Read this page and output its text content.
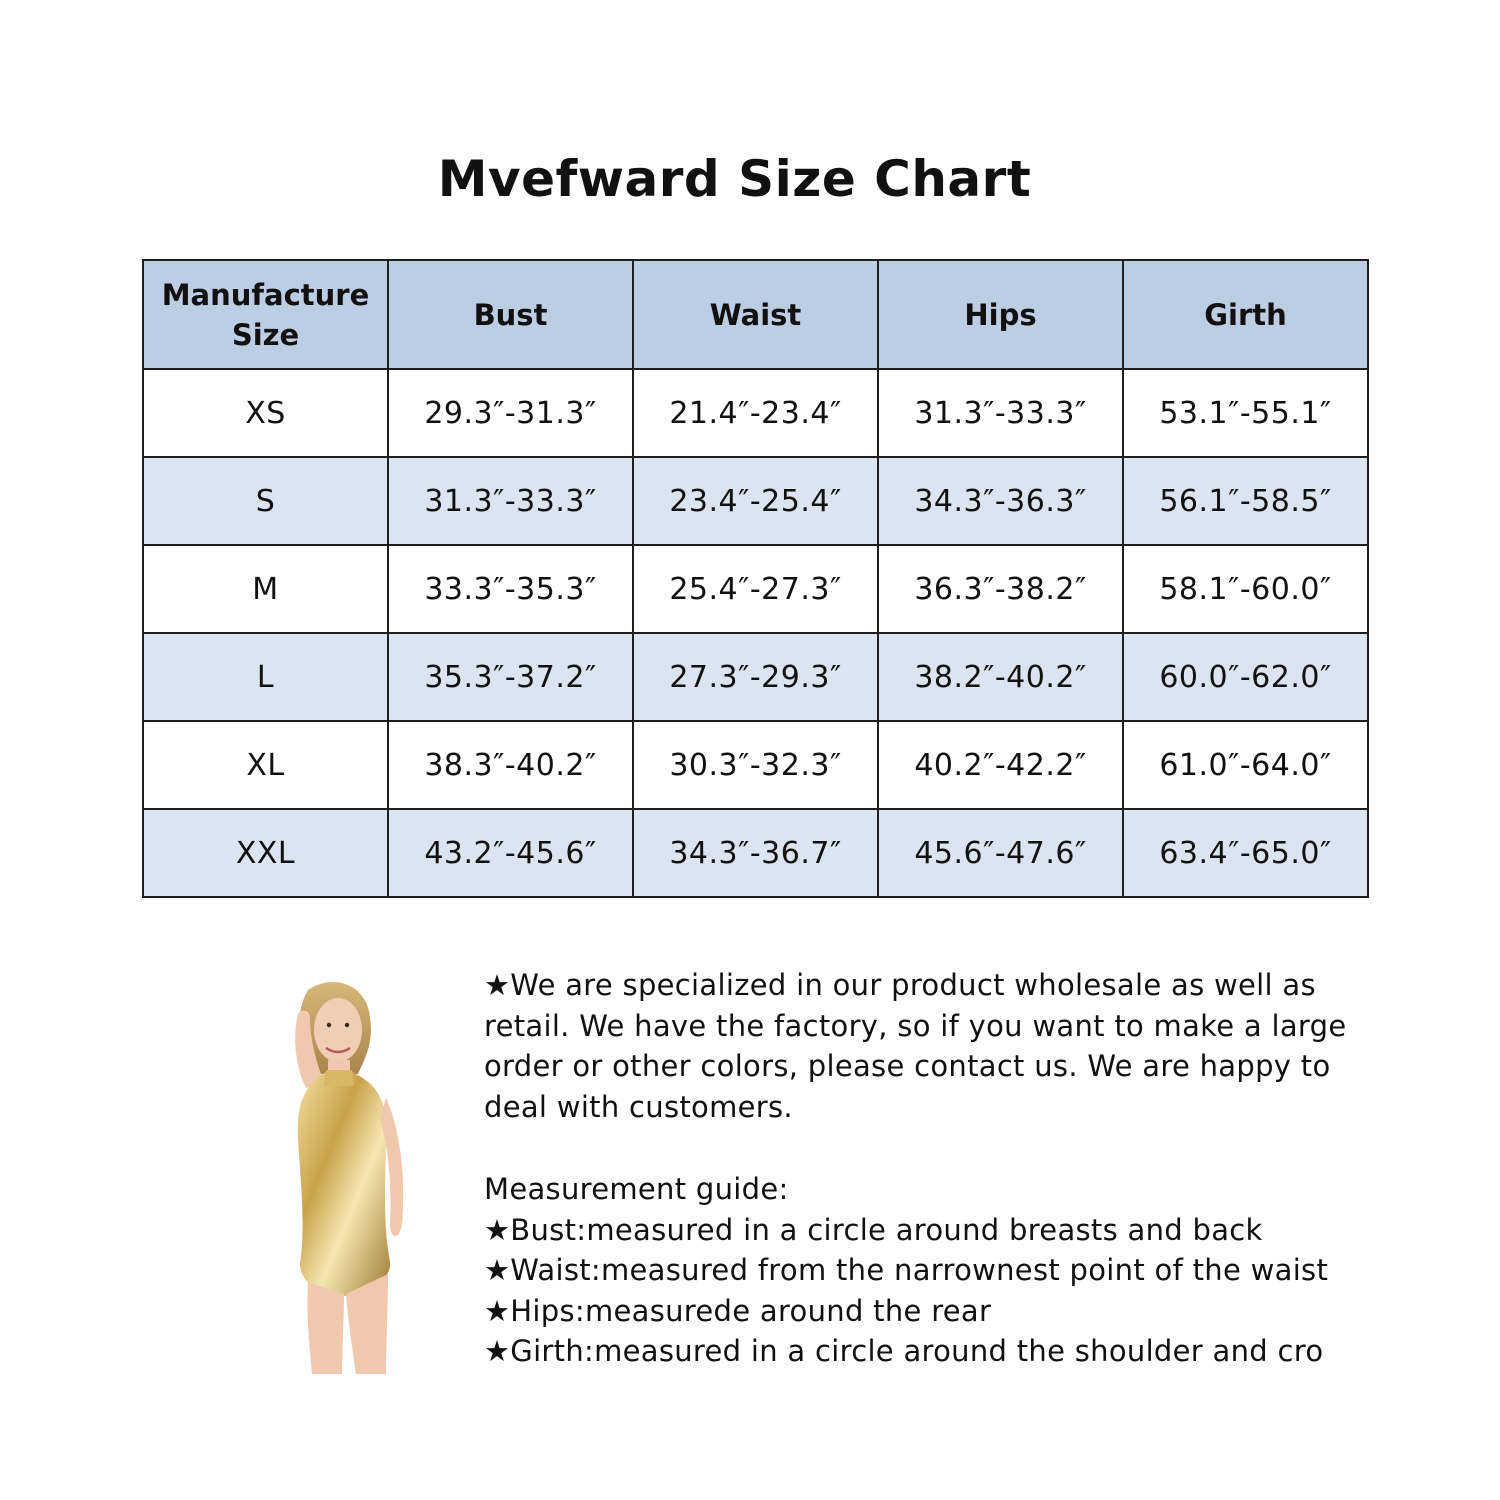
Mvefward Size Chart
Manufacture
Size	Bust	Waist	Hips	Girth
XS	29.3″-31.3″	21.4″-23.4″	31.3″-33.3″	53.1″-55.1″
S	31.3″-33.3″	23.4″-25.4″	34.3″-36.3″	56.1″-58.5″
M	33.3″-35.3″	25.4″-27.3″	36.3″-38.2″	58.1″-60.0″
L	35.3″-37.2″	27.3″-29.3″	38.2″-40.2″	60.0″-62.0″
XL	38.3″-40.2″	30.3″-32.3″	40.2″-42.2″	61.0″-64.0″
XXL	43.2″-45.6″	34.3″-36.7″	45.6″-47.6″	63.4″-65.0″

★We are specialized in our product wholesale as well as retail. We have the factory, so if you want to make a large order or other colors, please contact us. We are happy to deal with customers.

Measurement guide:

★Bust:measured in a circle around breasts and back
★Waist:measured from the narrownest point of the waist
★Hips:measurede around the rear
★Girth:measured in a circle around the shoulder and cro
